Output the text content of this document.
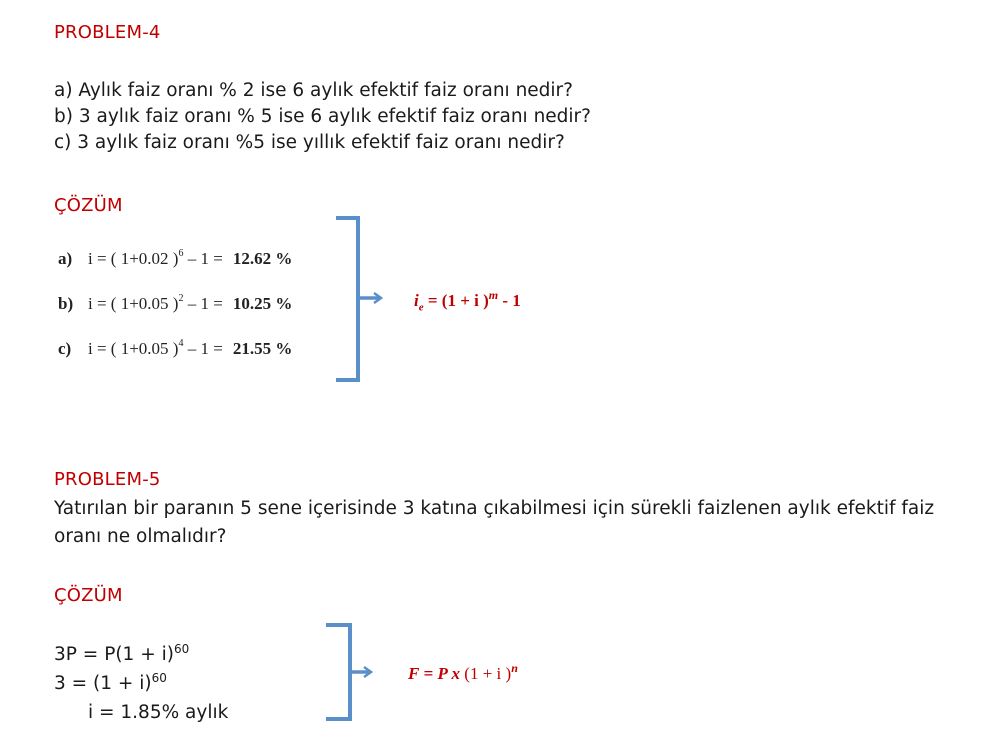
PROBLEM-4
a) Aylık faiz oranı % 2 ise 6 aylık efektif faiz oranı nedir?
b) 3 aylık faiz oranı % 5 ise 6 aylık efektif faiz oranı nedir?
c) 3 aylık faiz oranı %5 ise yıllık efektif faiz oranı nedir?
ÇÖZÜM
a) i = ( 1+0.02 )$^6$ – 1 = 12.62 %
b) i = ( 1+0.05 )$^2$ – 1 = 10.25 %
c) i = ( 1+0.05 )$^4$ – 1 = 21.55 %
$i_e = (1 + i$ )$^m$ - 1
PROBLEM-5
Yatırılan bir paranın 5 sene içerisinde 3 katına çıkabilmesi için sürekli faizlenen aylık efektif faiz oranı ne olmalıdır?
ÇÖZÜM
$3P = P(1 + i)^{60}$
$3 = (1 + i)^{60}$
i = 1.85% aylık
F = P x (1 + i )$^n$
